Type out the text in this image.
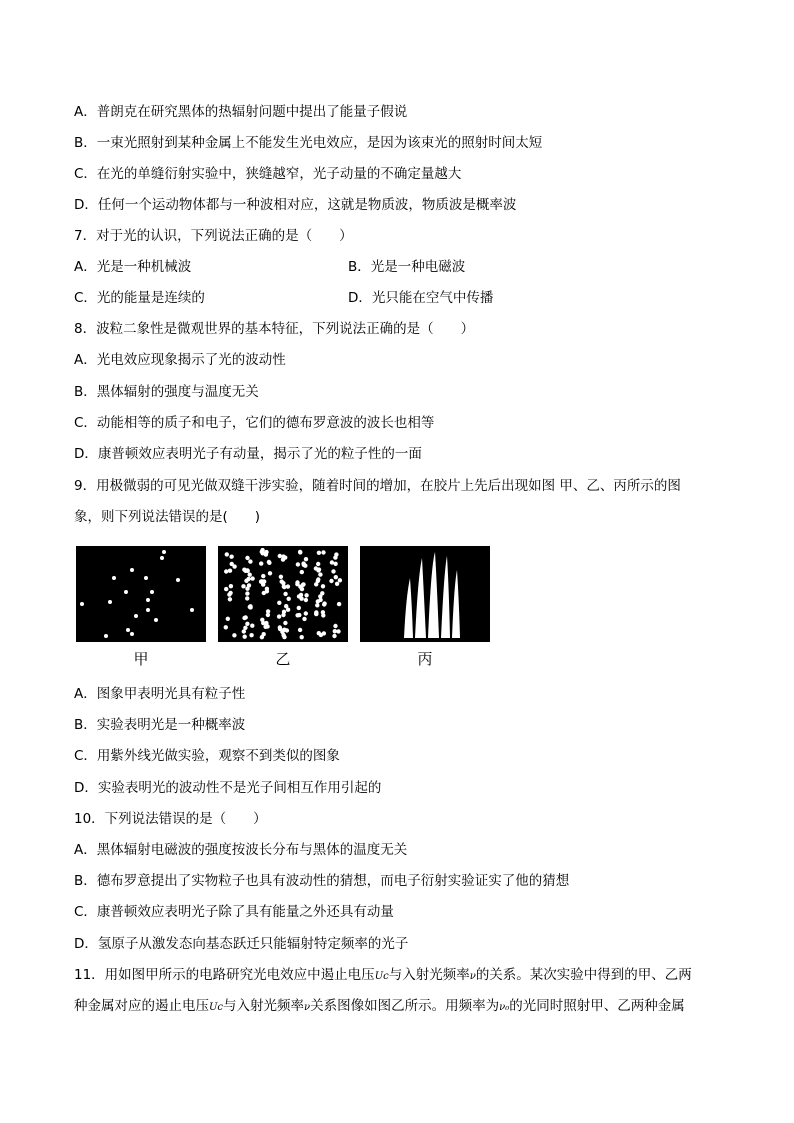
A．普朗克在研究黑体的热辐射问题中提出了能量子假说
B．一束光照射到某种金属上不能发生光电效应，是因为该束光的照射时间太短
C．在光的单缝衍射实验中，狭缝越窄，光子动量的不确定量越大
D．任何一个运动物体都与一种波相对应，这就是物质波，物质波是概率波
7．对于光的认识，下列说法正确的是（　　）
A．光是一种机械波	B．光是一种电磁波
C．光的能量是连续的	D．光只能在空气中传播
8．波粒二象性是微观世界的基本特征，下列说法正确的是（　　）
A．光电效应现象揭示了光的波动性
B．黑体辐射的强度与温度无关
C．动能相等的质子和电子，它们的德布罗意波的波长也相等
D．康普顿效应表明光子有动量，揭示了光的粒子性的一面
9．用极微弱的可见光做双缝干涉实验，随着时间的增加，在胶片上先后出现如图 甲、乙、丙所示的图
象，则下列说法错误的是(　　)
甲	乙	丙
A．图象甲表明光具有粒子性
B．实验表明光是一种概率波
C．用紫外线光做实验，观察不到类似的图象
D．实验表明光的波动性不是光子间相互作用引起的
10．下列说法错误的是（　　）
A．黑体辐射电磁波的强度按波长分布与黑体的温度无关
B．德布罗意提出了实物粒子也具有波动性的猜想，而电子衍射实验证实了他的猜想
C．康普顿效应表明光子除了具有能量之外还具有动量
D．氢原子从激发态向基态跃迁只能辐射特定频率的光子
11．用如图甲所示的电路研究光电效应中遏止电压Uc与入射光频率ν的关系。某次实验中得到的甲、乙两
种金属对应的遏止电压Uc与入射光频率ν关系图像如图乙所示。用频率为ν₀的光同时照射甲、乙两种金属
